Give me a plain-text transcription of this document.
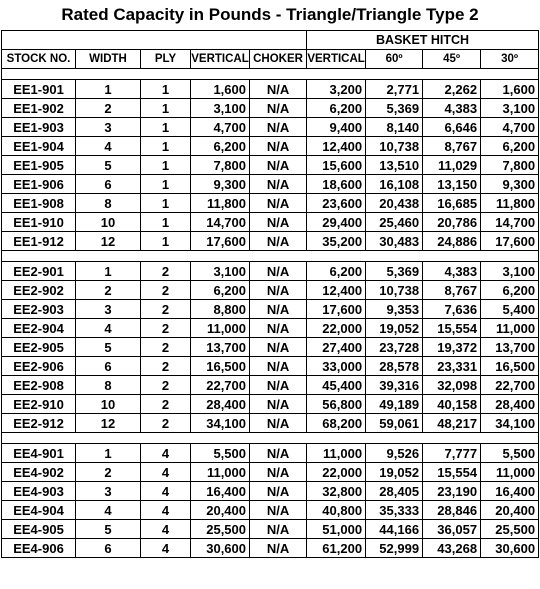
Rated Capacity in Pounds - Triangle/Triangle Type 2
					BASKET HITCH			
STOCK NO.	WIDTH	PLY	VERTICAL	CHOKER	VERTICAL	60º	45º	30º

EE1-901	1	1	1,600	N/A	3,200	2,771	2,262	1,600
EE1-902	2	1	3,100	N/A	6,200	5,369	4,383	3,100
EE1-903	3	1	4,700	N/A	9,400	8,140	6,646	4,700
EE1-904	4	1	6,200	N/A	12,400	10,738	8,767	6,200
EE1-905	5	1	7,800	N/A	15,600	13,510	11,029	7,800
EE1-906	6	1	9,300	N/A	18,600	16,108	13,150	9,300
EE1-908	8	1	11,800	N/A	23,600	20,438	16,685	11,800
EE1-910	10	1	14,700	N/A	29,400	25,460	20,786	14,700
EE1-912	12	1	17,600	N/A	35,200	30,483	24,886	17,600

EE2-901	1	2	3,100	N/A	6,200	5,369	4,383	3,100
EE2-902	2	2	6,200	N/A	12,400	10,738	8,767	6,200
EE2-903	3	2	8,800	N/A	17,600	9,353	7,636	5,400
EE2-904	4	2	11,000	N/A	22,000	19,052	15,554	11,000
EE2-905	5	2	13,700	N/A	27,400	23,728	19,372	13,700
EE2-906	6	2	16,500	N/A	33,000	28,578	23,331	16,500
EE2-908	8	2	22,700	N/A	45,400	39,316	32,098	22,700
EE2-910	10	2	28,400	N/A	56,800	49,189	40,158	28,400
EE2-912	12	2	34,100	N/A	68,200	59,061	48,217	34,100

EE4-901	1	4	5,500	N/A	11,000	9,526	7,777	5,500
EE4-902	2	4	11,000	N/A	22,000	19,052	15,554	11,000
EE4-903	3	4	16,400	N/A	32,800	28,405	23,190	16,400
EE4-904	4	4	20,400	N/A	40,800	35,333	28,846	20,400
EE4-905	5	4	25,500	N/A	51,000	44,166	36,057	25,500
EE4-906	6	4	30,600	N/A	61,200	52,999	43,268	30,600
